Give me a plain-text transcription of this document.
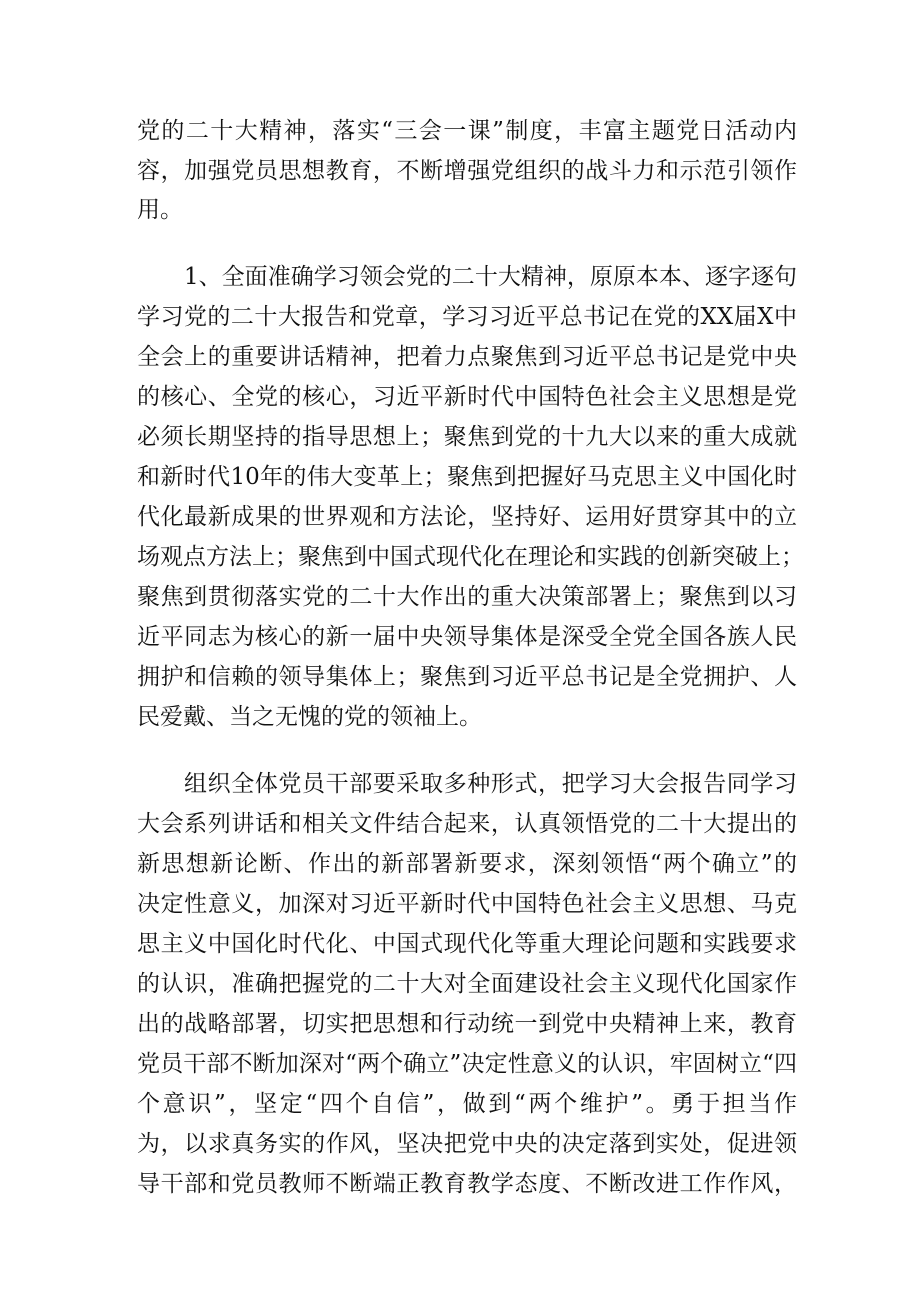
党的二十大精神，落实“三会一课”制度，丰富主题党日活动内
容，加强党员思想教育，不断增强党组织的战斗力和示范引领作
用。
1、全面准确学习领会党的二十大精神，原原本本、逐字逐句
学习党的二十大报告和党章，学习习近平总书记在党的XX届X中
全会上的重要讲话精神，把着力点聚焦到习近平总书记是党中央
的核心、全党的核心，习近平新时代中国特色社会主义思想是党
必须长期坚持的指导思想上；聚焦到党的十九大以来的重大成就
和新时代10年的伟大变革上；聚焦到把握好马克思主义中国化时
代化最新成果的世界观和方法论，坚持好、运用好贯穿其中的立
场观点方法上；聚焦到中国式现代化在理论和实践的创新突破上；
聚焦到贯彻落实党的二十大作出的重大决策部署上；聚焦到以习
近平同志为核心的新一届中央领导集体是深受全党全国各族人民
拥护和信赖的领导集体上；聚焦到习近平总书记是全党拥护、人
民爱戴、当之无愧的党的领袖上。
组织全体党员干部要采取多种形式，把学习大会报告同学习
大会系列讲话和相关文件结合起来，认真领悟党的二十大提出的
新思想新论断、作出的新部署新要求，深刻领悟“两个确立”的
决定性意义，加深对习近平新时代中国特色社会主义思想、马克
思主义中国化时代化、中国式现代化等重大理论问题和实践要求
的认识，准确把握党的二十大对全面建设社会主义现代化国家作
出的战略部署，切实把思想和行动统一到党中央精神上来，教育
党员干部不断加深对“两个确立”决定性意义的认识，牢固树立“四
个意识”，坚定“四个自信”，做到“两个维护”。勇于担当作
为，以求真务实的作风，坚决把党中央的决定落到实处，促进领
导干部和党员教师不断端正教育教学态度、不断改进工作作风，
